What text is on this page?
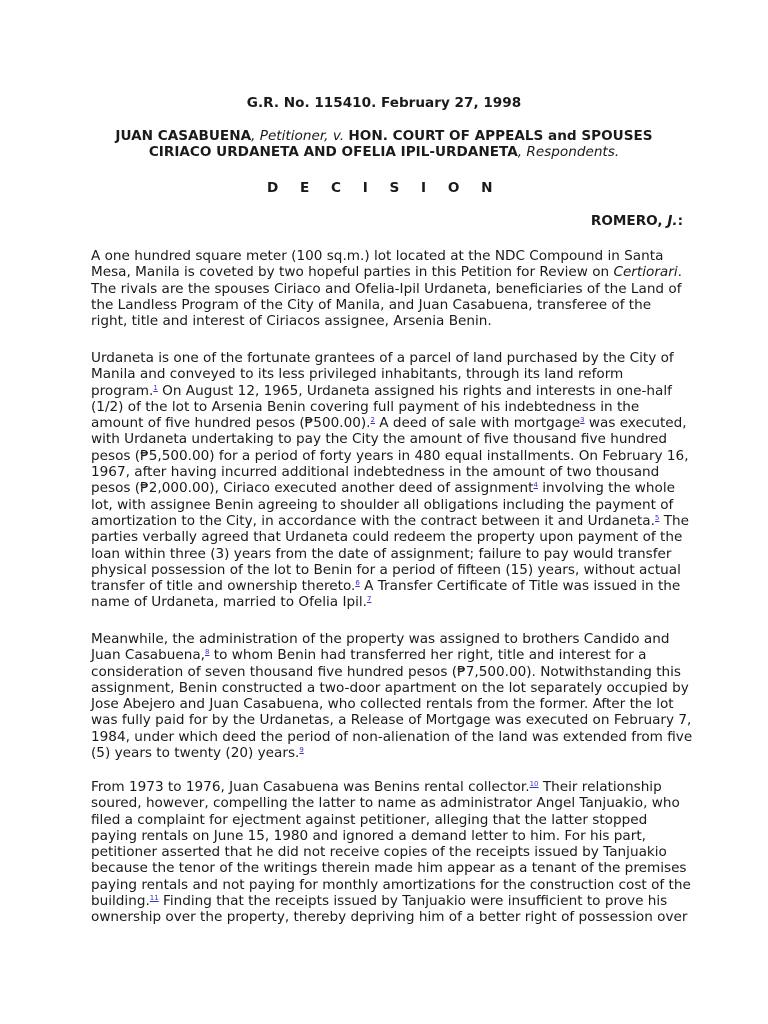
G.R. No. 115410. February 27, 1998
JUAN CASABUENA, Petitioner, v. HON. COURT OF APPEALS and SPOUSES
CIRIACO URDANETA AND OFELIA IPIL-URDANETA, Respondents.
D E C I S I O N
ROMERO, J.:

A one hundred square meter (100 sq.m.) lot located at the NDC Compound in Santa
Mesa, Manila is coveted by two hopeful parties in this Petition for Review on Certiorari.
The rivals are the spouses Ciriaco and Ofelia-Ipil Urdaneta, beneficiaries of the Land of
the Landless Program of the City of Manila, and Juan Casabuena, transferee of the
right, title and interest of Ciriacos assignee, Arsenia Benin.

Urdaneta is one of the fortunate grantees of a parcel of land purchased by the City of
Manila and conveyed to its less privileged inhabitants, through its land reform
program.$^1$ On August 12, 1965, Urdaneta assigned his rights and interests in one-half
(1/2) of the lot to Arsenia Benin covering full payment of his indebtedness in the
amount of five hundred pesos (₱500.00).$^2$ A deed of sale with mortgage$^3$ was executed,
with Urdaneta undertaking to pay the City the amount of five thousand five hundred
pesos (₱5,500.00) for a period of forty years in 480 equal installments. On February 16,
1967, after having incurred additional indebtedness in the amount of two thousand
pesos (₱2,000.00), Ciriaco executed another deed of assignment$^4$ involving the whole
lot, with assignee Benin agreeing to shoulder all obligations including the payment of
amortization to the City, in accordance with the contract between it and Urdaneta.$^5$ The
parties verbally agreed that Urdaneta could redeem the property upon payment of the
loan within three (3) years from the date of assignment; failure to pay would transfer
physical possession of the lot to Benin for a period of fifteen (15) years, without actual
transfer of title and ownership thereto.$^6$ A Transfer Certificate of Title was issued in the
name of Urdaneta, married to Ofelia Ipil.$^7$

Meanwhile, the administration of the property was assigned to brothers Candido and
Juan Casabuena,$^8$ to whom Benin had transferred her right, title and interest for a
consideration of seven thousand five hundred pesos (₱7,500.00). Notwithstanding this
assignment, Benin constructed a two-door apartment on the lot separately occupied by
Jose Abejero and Juan Casabuena, who collected rentals from the former. After the lot
was fully paid for by the Urdanetas, a Release of Mortgage was executed on February 7,
1984, under which deed the period of non-alienation of the land was extended from five
(5) years to twenty (20) years.$^9$

From 1973 to 1976, Juan Casabuena was Benins rental collector.$^{10}$ Their relationship
soured, however, compelling the latter to name as administrator Angel Tanjuakio, who
filed a complaint for ejectment against petitioner, alleging that the latter stopped
paying rentals on June 15, 1980 and ignored a demand letter to him. For his part,
petitioner asserted that he did not receive copies of the receipts issued by Tanjuakio
because the tenor of the writings therein made him appear as a tenant of the premises
paying rentals and not paying for monthly amortizations for the construction cost of the
building.$^{11}$ Finding that the receipts issued by Tanjuakio were insufficient to prove his
ownership over the property, thereby depriving him of a better right of possession over
